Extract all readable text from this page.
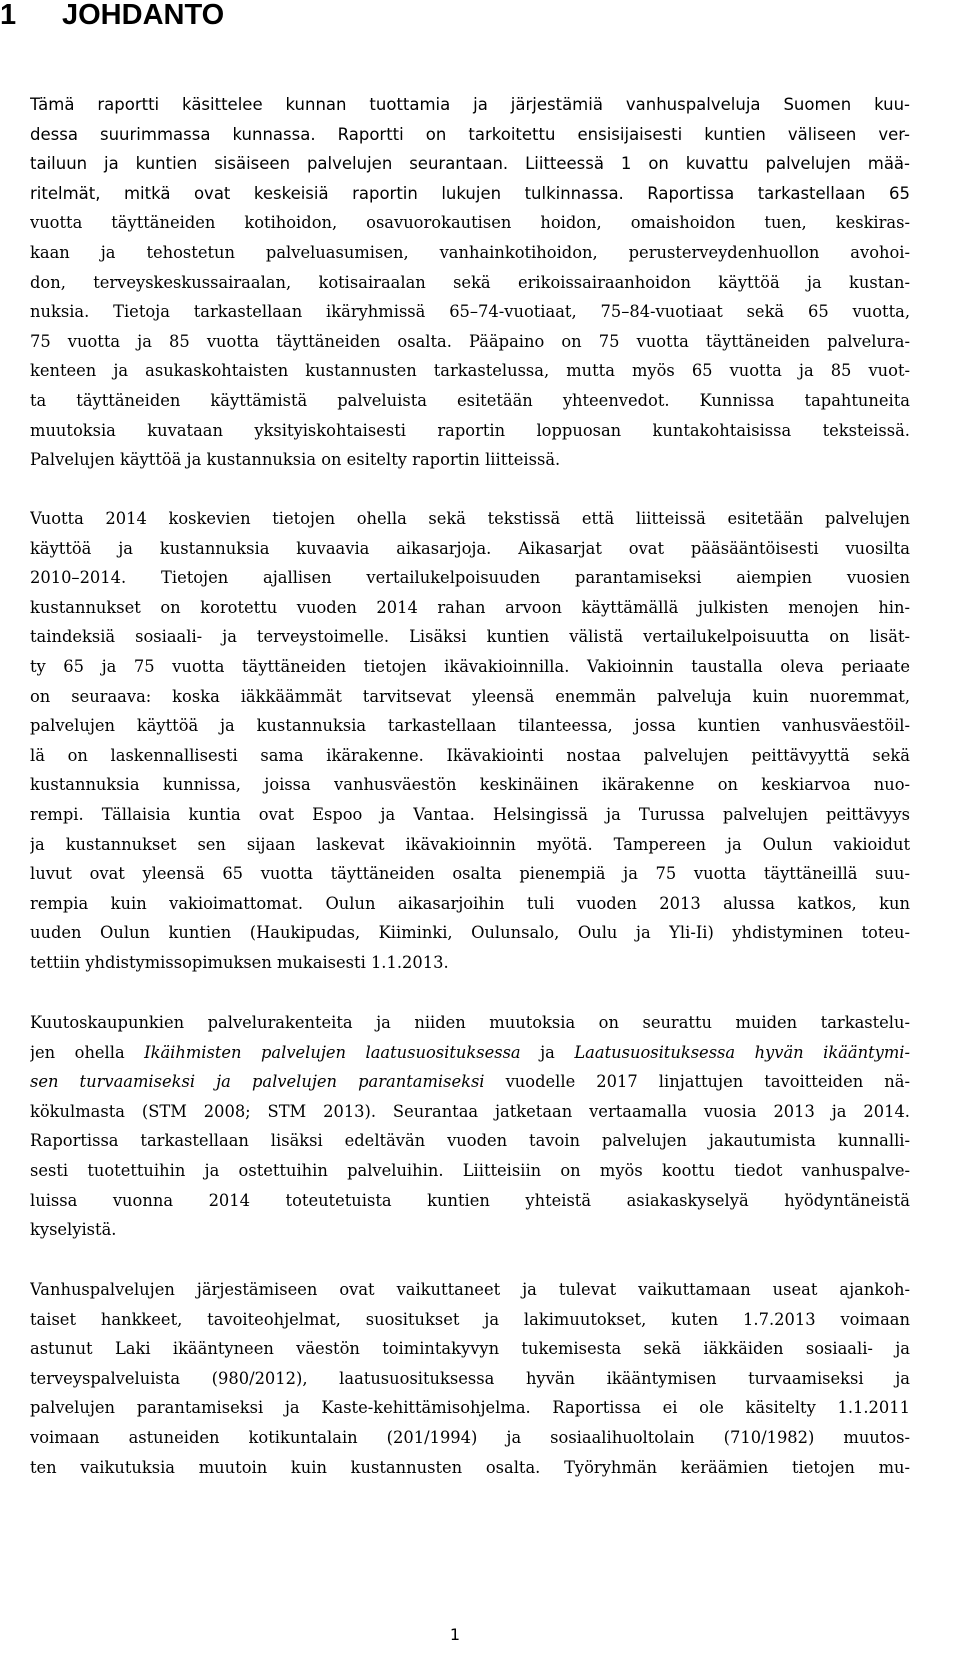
1 JOHDANTO
Tämä raportti käsittelee kunnan tuottamia ja järjestämiä vanhuspalveluja Suomen kuu-
dessa suurimmassa kunnassa. Raportti on tarkoitettu ensisijaisesti kuntien väliseen ver-
tailuun ja kuntien sisäiseen palvelujen seurantaan. Liitteessä 1 on kuvattu palvelujen mää-
ritelmät, mitkä ovat keskeisiä raportin lukujen tulkinnassa. Raportissa tarkastellaan 65
vuotta täyttäneiden kotihoidon, osavuorokautisen hoidon, omaishoidon tuen, keskiras-
kaan ja tehostetun palveluasumisen, vanhainkotihoidon, perusterveydenhuollon avohoi-
don, terveyskeskussairaalan, kotisairaalan sekä erikoissairaanhoidon käyttöä ja kustan-
nuksia. Tietoja tarkastellaan ikäryhmissä 65–74-vuotiaat, 75–84-vuotiaat sekä 65 vuotta,
75 vuotta ja 85 vuotta täyttäneiden osalta. Pääpaino on 75 vuotta täyttäneiden palvelura-
kenteen ja asukaskohtaisten kustannusten tarkastelussa, mutta myös 65 vuotta ja 85 vuot-
ta täyttäneiden käyttämistä palveluista esitetään yhteenvedot. Kunnissa tapahtuneita
muutoksia kuvataan yksityiskohtaisesti raportin loppuosan kuntakohtaisissa teksteissä.
Palvelujen käyttöä ja kustannuksia on esitelty raportin liitteissä.
Vuotta 2014 koskevien tietojen ohella sekä tekstissä että liitteissä esitetään palvelujen
käyttöä ja kustannuksia kuvaavia aikasarjoja. Aikasarjat ovat pääsääntöisesti vuosilta
2010–2014. Tietojen ajallisen vertailukelpoisuuden parantamiseksi aiempien vuosien
kustannukset on korotettu vuoden 2014 rahan arvoon käyttämällä julkisten menojen hin-
taindeksiä sosiaali- ja terveystoimelle. Lisäksi kuntien välistä vertailukelpoisuutta on lisät-
ty 65 ja 75 vuotta täyttäneiden tietojen ikävakioinnilla. Vakioinnin taustalla oleva periaate
on seuraava: koska iäkkäämmät tarvitsevat yleensä enemmän palveluja kuin nuoremmat,
palvelujen käyttöä ja kustannuksia tarkastellaan tilanteessa, jossa kuntien vanhusväestöil-
lä on laskennallisesti sama ikärakenne. Ikävakiointi nostaa palvelujen peittävyyttä sekä
kustannuksia kunnissa, joissa vanhusväestön keskinäinen ikärakenne on keskiarvoa nuo-
rempi. Tällaisia kuntia ovat Espoo ja Vantaa. Helsingissä ja Turussa palvelujen peittävyys
ja kustannukset sen sijaan laskevat ikävakioinnin myötä. Tampereen ja Oulun vakioidut
luvut ovat yleensä 65 vuotta täyttäneiden osalta pienempiä ja 75 vuotta täyttäneillä suu-
rempia kuin vakioimattomat. Oulun aikasarjoihin tuli vuoden 2013 alussa katkos, kun
uuden Oulun kuntien (Haukipudas, Kiiminki, Oulunsalo, Oulu ja Yli-Ii) yhdistyminen toteu-
tettiin yhdistymissopimuksen mukaisesti 1.1.2013.
Kuutoskaupunkien palvelurakenteita ja niiden muutoksia on seurattu muiden tarkastelu-
jen ohella Ikäihmisten palvelujen laatusuosituksessa ja Laatusuosituksessa hyvän ikääntymi-
sen turvaamiseksi ja palvelujen parantamiseksi vuodelle 2017 linjattujen tavoitteiden nä-
kökulmasta (STM 2008; STM 2013). Seurantaa jatketaan vertaamalla vuosia 2013 ja 2014.
Raportissa tarkastellaan lisäksi edeltävän vuoden tavoin palvelujen jakautumista kunnalli-
sesti tuotettuihin ja ostettuihin palveluihin. Liitteisiin on myös koottu tiedot vanhuspalve-
luissa vuonna 2014 toteutetuista kuntien yhteistä asiakaskyselyä hyödyntäneistä
kyselyistä.
Vanhuspalvelujen järjestämiseen ovat vaikuttaneet ja tulevat vaikuttamaan useat ajankoh-
taiset hankkeet, tavoiteohjelmat, suositukset ja lakimuutokset, kuten 1.7.2013 voimaan
astunut Laki ikääntyneen väestön toimintakyvyn tukemisesta sekä iäkkäiden sosiaali- ja
terveyspalveluista (980/2012), laatusuosituksessa hyvän ikääntymisen turvaamiseksi ja
palvelujen parantamiseksi ja Kaste-kehittämisohjelma. Raportissa ei ole käsitelty 1.1.2011
voimaan astuneiden kotikuntalain (201/1994) ja sosiaalihuoltolain (710/1982) muutos-
ten vaikutuksia muutoin kuin kustannusten osalta. Työryhmän keräämien tietojen mu-
1
